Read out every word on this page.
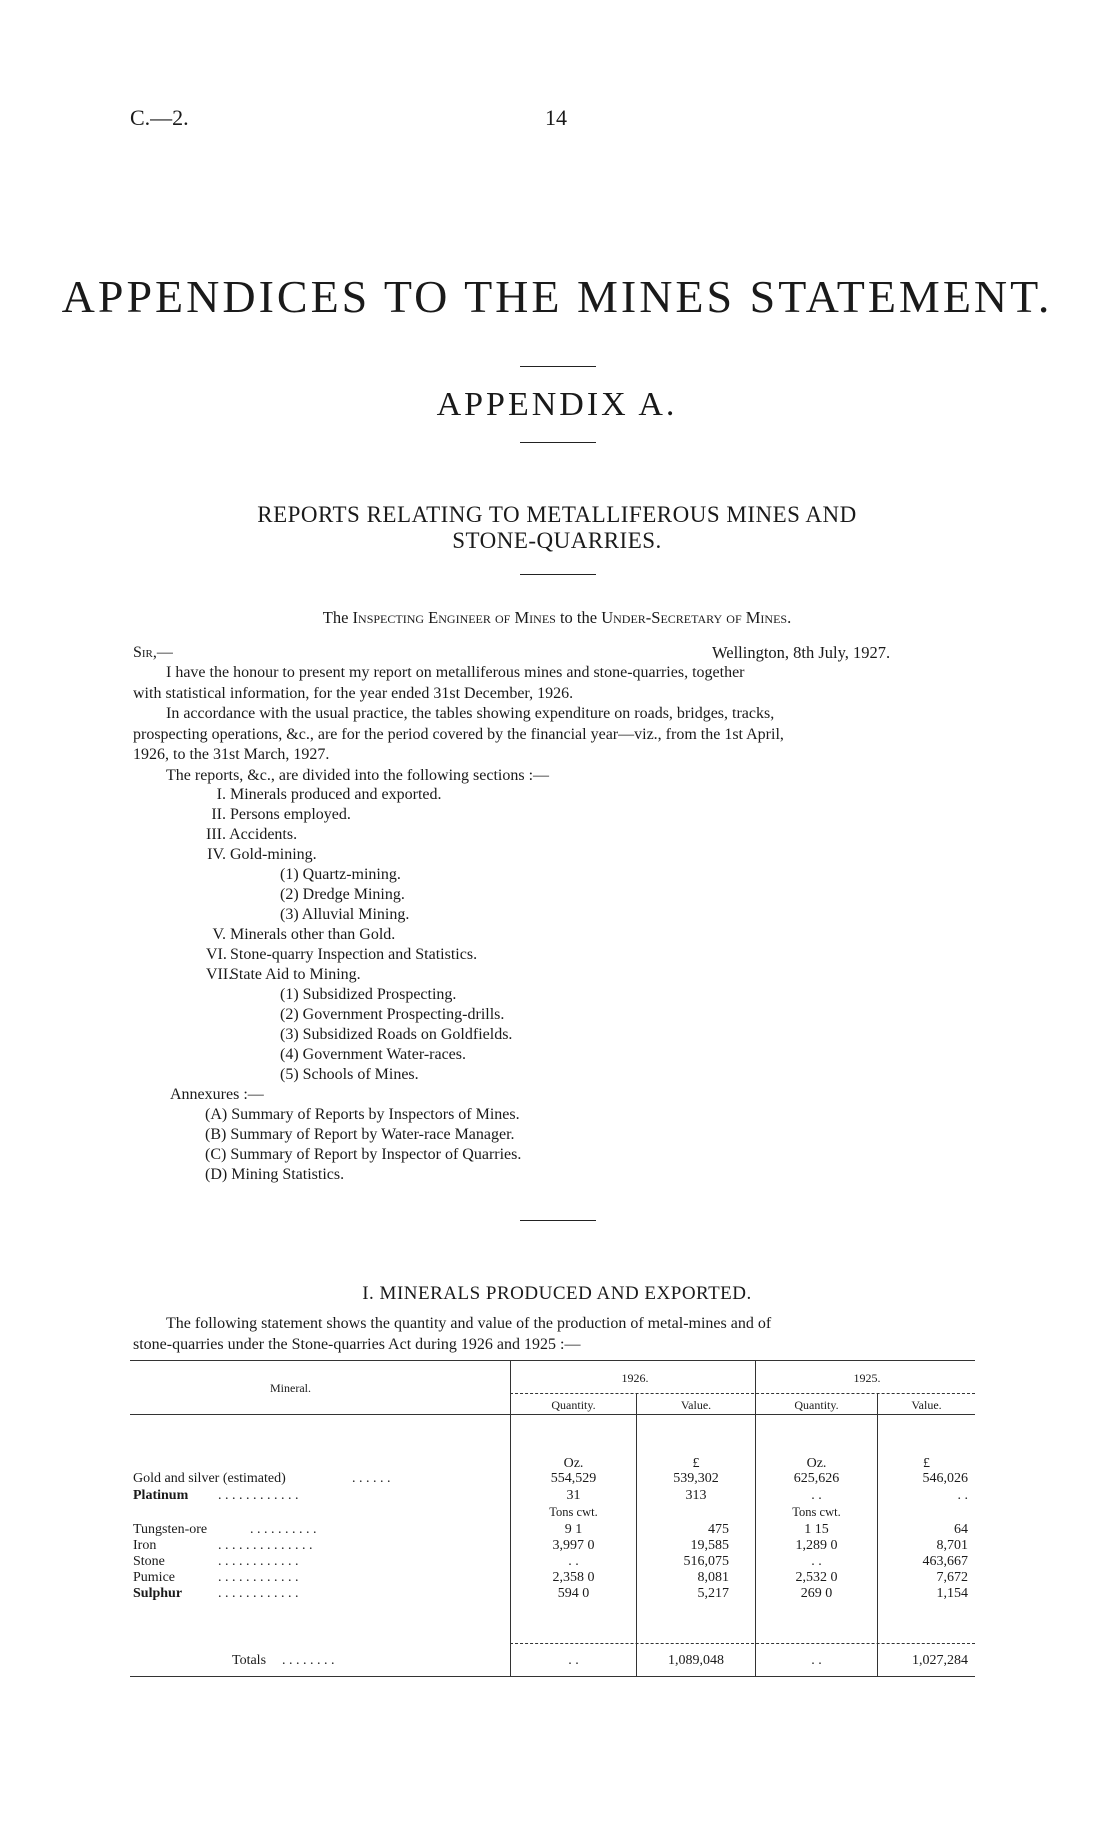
C.—2.	14
APPENDICES TO THE MINES STATEMENT.
APPENDIX A.
REPORTS RELATING TO METALLIFEROUS MINES AND
STONE-QUARRIES.
The Inspecting Engineer of Mines to the Under-Secretary of Mines.
Sir,—	Wellington, 8th July, 1927.
I have the honour to present my report on metalliferous mines and stone-quarries, together
with statistical information, for the year ended 31st December, 1926.
In accordance with the usual practice, the tables showing expenditure on roads, bridges, tracks,
prospecting operations, &c., are for the period covered by the financial year—viz., from the 1st April,
1926, to the 31st March, 1927.
The reports, &c., are divided into the following sections :—
I. Minerals produced and exported.
II. Persons employed.
III. Accidents.
IV. Gold-mining.
(1) Quartz-mining.
(2) Dredge Mining.
(3) Alluvial Mining.
V. Minerals other than Gold.
VI. Stone-quarry Inspection and Statistics.
VII. State Aid to Mining.
(1) Subsidized Prospecting.
(2) Government Prospecting-drills.
(3) Subsidized Roads on Goldfields.
(4) Government Water-races.
(5) Schools of Mines.
Annexures :—
(A) Summary of Reports by Inspectors of Mines.
(B) Summary of Report by Water-race Manager.
(C) Summary of Report by Inspector of Quarries.
(D) Mining Statistics.
I. MINERALS PRODUCED AND EXPORTED.
The following statement shows the quantity and value of the production of metal-mines and of
stone-quarries under the Stone-quarries Act during 1926 and 1925 :—
Mineral.
1926.	1925.
Quantity.	Value.	Quantity.	Value.
Oz.	£	Oz.	£
Gold and silver (estimated)	. . . . . .	554,529	539,302	625,626	546,026
Platinum . . . . . . . . . . . .	31	313	. .	. .
Tons cwt.	Tons cwt.
Tungsten-ore	. . . . . . . . . .	9 1	475	1 15	64
Iron	. . . . . . . . . . . . . .	3,997 0	19,585	1,289 0	8,701
Stone	. . . . . . . . . . . .	. .	516,075	. .	463,667
Pumice	. . . . . . . . . . . .	2,358 0	8,081	2,532 0	7,672
Sulphur	. . . . . . . . . . . .	594 0	5,217	269 0	1,154
Totals . . . . . . . .	. .	1,089,048	. .	1,027,284
